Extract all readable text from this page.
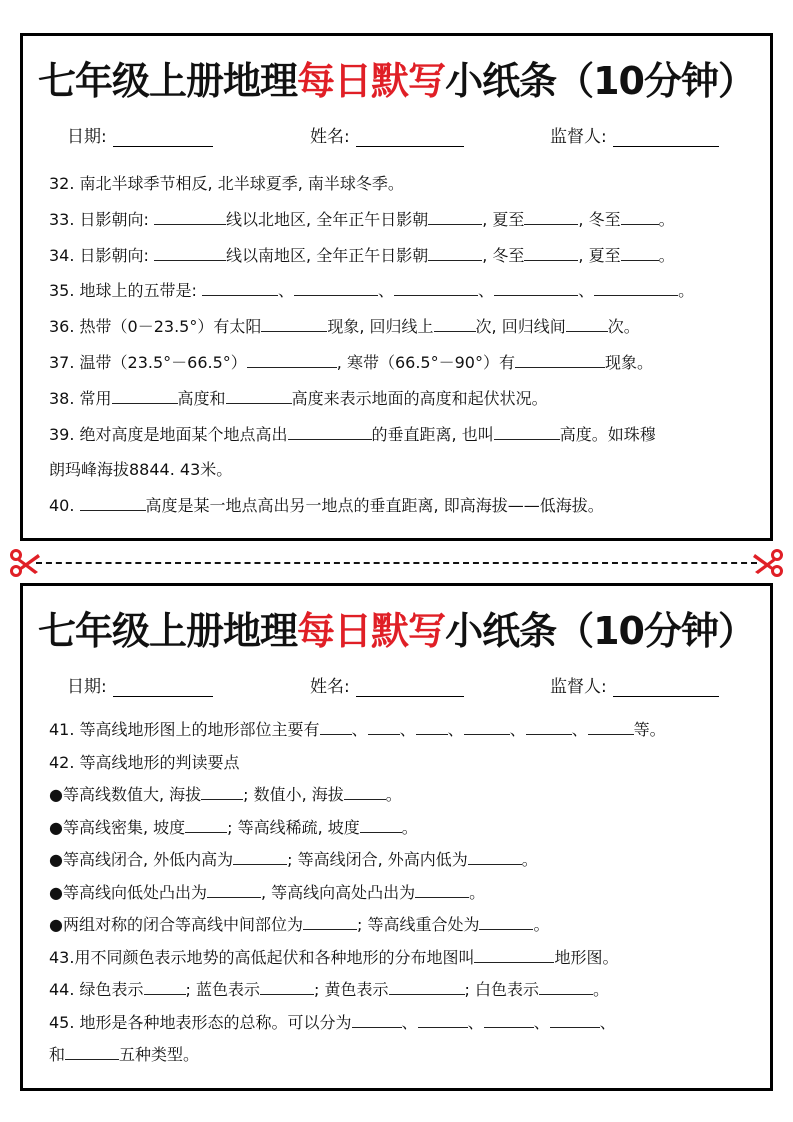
七年级上册地理每日默写小纸条（10分钟）
日期:	姓名:	监督人:
32. 南北半球季节相反, 北半球夏季, 南半球冬季。
33. 日影朝向:	线以北地区, 全年正午日影朝	, 夏至	, 冬至 。
34. 日影朝向:	线以南地区, 全年正午日影朝	, 冬至	, 夏至 。
35. 地球上的五带是:	、	、	、	、	。
36. 热带（0－23.5°）有太阳	现象, 回归线上	次, 回归线间	次。
37. 温带（23.5°－66.5°）	, 寒带（66.5°－90°）有	现象。
38. 常用	高度和	高度来表示地面的高度和起伏状况。
39. 绝对高度是地面某个地点高出	的垂直距离, 也叫	高度。如珠穆
朗玛峰海拔8844. 43米。
40.	高度是某一地点高出另一地点的垂直距离, 即高海拔——低海拔。
七年级上册地理每日默写小纸条（10分钟）
日期:	姓名:	监督人:
41. 等高线地形图上的地形部位主要有 、 、 、	、	、	等。
42. 等高线地形的判读要点
●等高线数值大, 海拔	; 数值小, 海拔	。
●等高线密集, 坡度	; 等高线稀疏, 坡度	。
●等高线闭合, 外低内高为	; 等高线闭合, 外高内低为	。
●等高线向低处凸出为	, 等高线向高处凸出为	。
●两组对称的闭合等高线中间部位为	; 等高线重合处为	。
43.用不同颜色表示地势的高低起伏和各种地形的分布地图叫	地形图。
44. 绿色表示	; 蓝色表示	; 黄色表示	; 白色表示	。
45. 地形是各种地表形态的总称。可以分为	、	、	、	、
和	五种类型。
